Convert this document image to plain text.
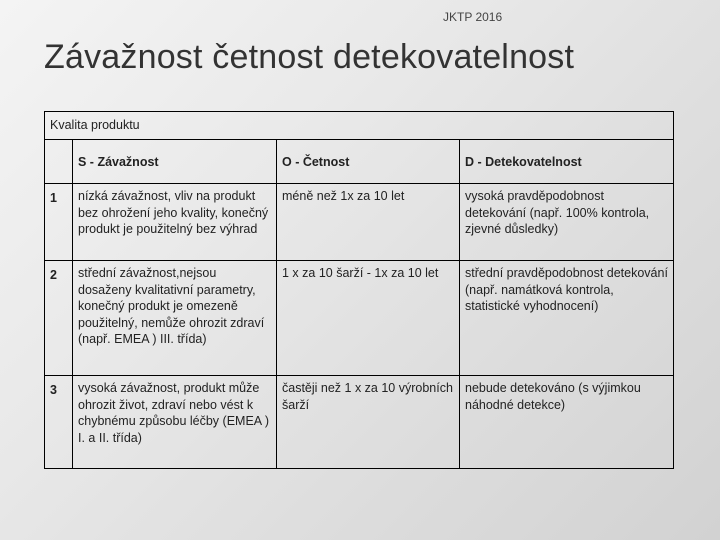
JKTP 2016
Závažnost četnost detekovatelnost
Kvalita produktu			
	S - Závažnost	O - Četnost	D - Detekovatelnost
1	nízká závažnost, vliv na produkt bez ohrožení jeho kvality, konečný produkt je použitelný bez výhrad	méně než 1x za 10 let	vysoká pravděpodobnost detekování (např. 100% kontrola, zjevné důsledky)
2	střední závažnost,nejsou dosaženy kvalitativní parametry, konečný produkt je omezeně použitelný, nemůže ohrozit zdraví (např. EMEA ) III. třída)	1 x za 10 šarží - 1x za 10 let	střední pravděpodobnost detekování (např. namátková kontrola, statistické vyhodnocení)
3	vysoká závažnost, produkt může ohrozit život, zdraví nebo vést k chybnému způsobu léčby (EMEA ) I. a II. třída)	častěji než 1 x za 10 výrobních šarží	nebude detekováno (s výjimkou náhodné detekce)
